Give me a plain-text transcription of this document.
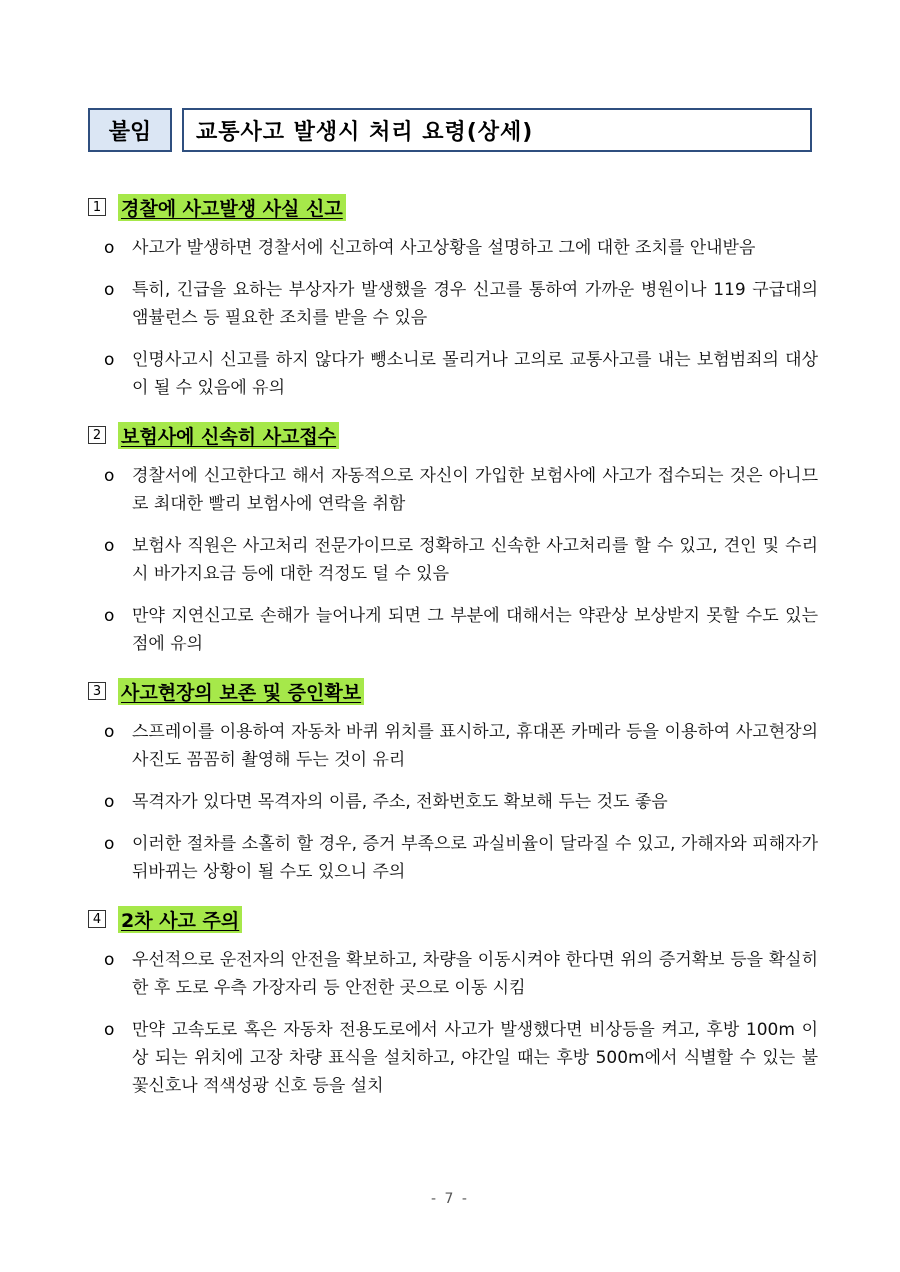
붙임	교통사고 발생시 처리 요령(상세)
1 경찰에 사고발생 사실 신고
o	사고가 발생하면 경찰서에 신고하여 사고상황을 설명하고 그에 대한 조치를 안내받음
o	특히, 긴급을 요하는 부상자가 발생했을 경우 신고를 통하여 가까운 병원이나 119 구급대의 앰뷸런스 등 필요한 조치를 받을 수 있음
o	인명사고시 신고를 하지 않다가 뺑소니로 몰리거나 고의로 교통사고를 내는 보험범죄의 대상이 될 수 있음에 유의
2 보험사에 신속히 사고접수
o	경찰서에 신고한다고 해서 자동적으로 자신이 가입한 보험사에 사고가 접수되는 것은 아니므로 최대한 빨리 보험사에 연락을 취함
o	보험사 직원은 사고처리 전문가이므로 정확하고 신속한 사고처리를 할 수 있고, 견인 및 수리시 바가지요금 등에 대한 걱정도 덜 수 있음
o	만약 지연신고로 손해가 늘어나게 되면 그 부분에 대해서는 약관상 보상받지 못할 수도 있는 점에 유의
3 사고현장의 보존 및 증인확보
o	스프레이를 이용하여 자동차 바퀴 위치를 표시하고, 휴대폰 카메라 등을 이용하여 사고현장의 사진도 꼼꼼히 촬영해 두는 것이 유리
o	목격자가 있다면 목격자의 이름, 주소, 전화번호도 확보해 두는 것도 좋음
o	이러한 절차를 소홀히 할 경우, 증거 부족으로 과실비율이 달라질 수 있고, 가해자와 피해자가 뒤바뀌는 상황이 될 수도 있으니 주의
4 2차 사고 주의
o	우선적으로 운전자의 안전을 확보하고, 차량을 이동시켜야 한다면 위의 증거확보 등을 확실히 한 후 도로 우측 가장자리 등 안전한 곳으로 이동 시킴
o	만약 고속도로 혹은 자동차 전용도로에서 사고가 발생했다면 비상등을 켜고, 후방 100m 이상 되는 위치에 고장 차량 표식을 설치하고, 야간일 때는 후방 500m에서 식별할 수 있는 불꽃신호나 적색성광 신호 등을 설치
- 7 -
